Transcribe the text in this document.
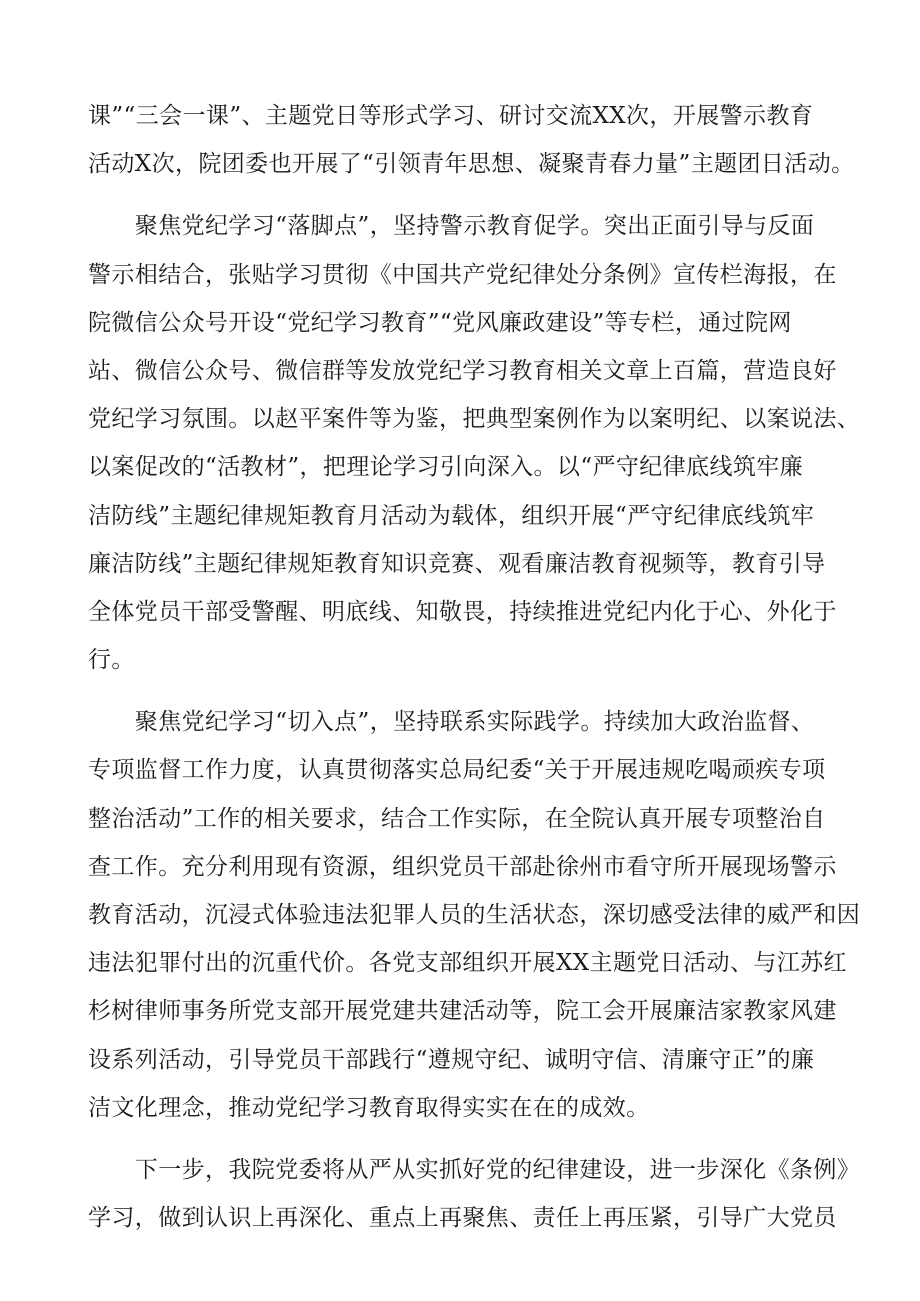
课”“三会一课”、主题党日等形式学习、研讨交流XX次，开展警示教育
活动X次，院团委也开展了“引领青年思想、凝聚青春力量”主题团日活动。
　　聚焦党纪学习“落脚点”，坚持警示教育促学。突出正面引导与反面
警示相结合，张贴学习贯彻《中国共产党纪律处分条例》宣传栏海报，在
院微信公众号开设“党纪学习教育”“党风廉政建设”等专栏，通过院网
站、微信公众号、微信群等发放党纪学习教育相关文章上百篇，营造良好
党纪学习氛围。以赵平案件等为鉴，把典型案例作为以案明纪、以案说法、
以案促改的“活教材”，把理论学习引向深入。以“严守纪律底线筑牢廉
洁防线”主题纪律规矩教育月活动为载体，组织开展“严守纪律底线筑牢
廉洁防线”主题纪律规矩教育知识竞赛、观看廉洁教育视频等，教育引导
全体党员干部受警醒、明底线、知敬畏，持续推进党纪内化于心、外化于
行。
　　聚焦党纪学习“切入点”，坚持联系实际践学。持续加大政治监督、
专项监督工作力度，认真贯彻落实总局纪委“关于开展违规吃喝顽疾专项
整治活动”工作的相关要求，结合工作实际，在全院认真开展专项整治自
查工作。充分利用现有资源，组织党员干部赴徐州市看守所开展现场警示
教育活动，沉浸式体验违法犯罪人员的生活状态，深切感受法律的威严和因
违法犯罪付出的沉重代价。各党支部组织开展XX主题党日活动、与江苏红
杉树律师事务所党支部开展党建共建活动等，院工会开展廉洁家教家风建
设系列活动，引导党员干部践行“遵规守纪、诚明守信、清廉守正”的廉
洁文化理念，推动党纪学习教育取得实实在在的成效。
　　下一步，我院党委将从严从实抓好党的纪律建设，进一步深化《条例》
学习，做到认识上再深化、重点上再聚焦、责任上再压紧，引导广大党员
